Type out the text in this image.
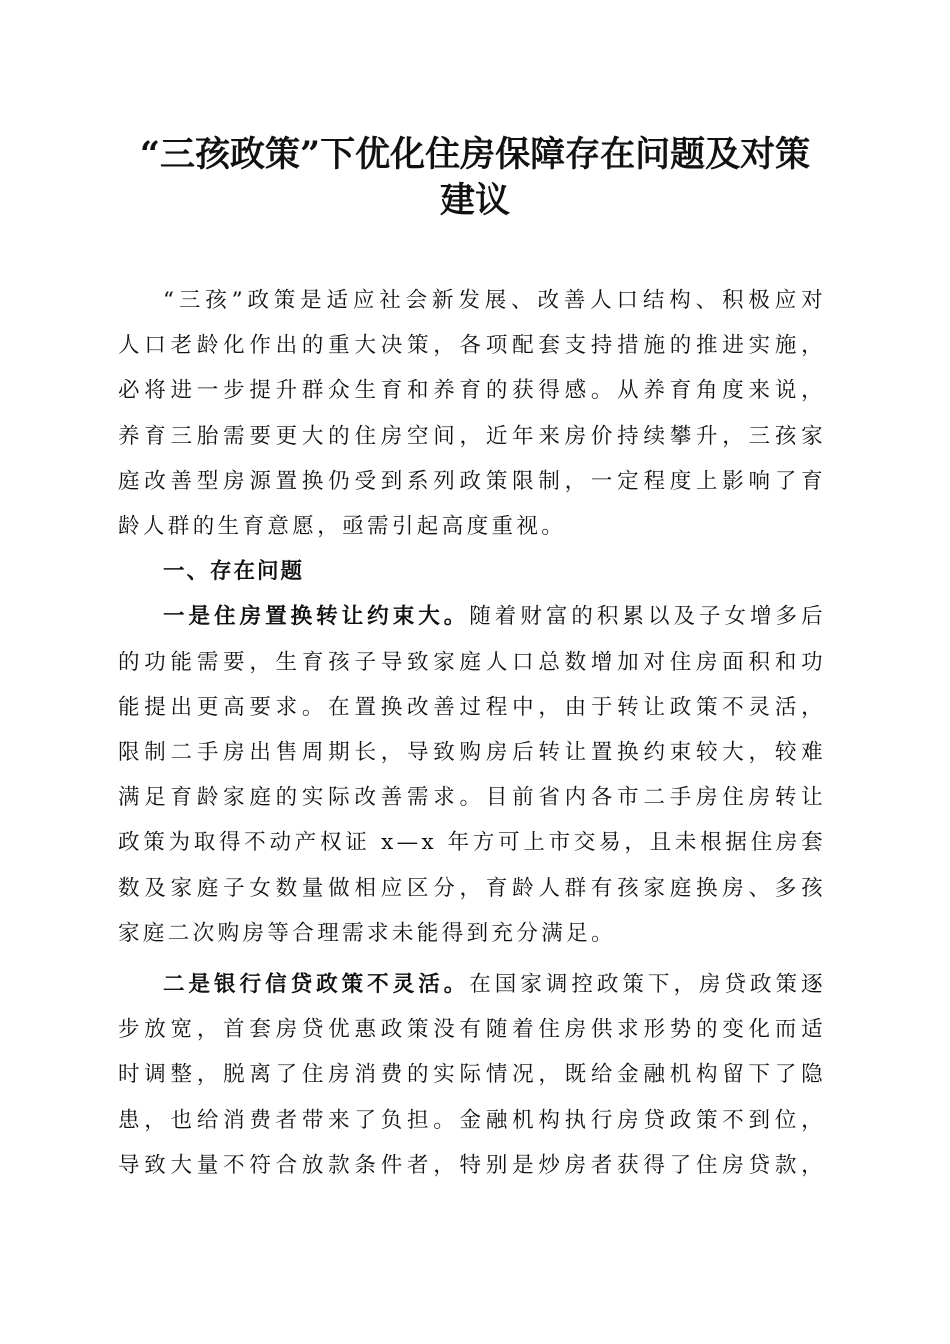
“三孩政策”下优化住房保障存在问题及对策
建议

“三孩”政策是适应社会新发展、改善人口结构、积极应对
人口老龄化作出的重大决策，各项配套支持措施的推进实施，
必将进一步提升群众生育和养育的获得感。从养育角度来说，
养育三胎需要更大的住房空间，近年来房价持续攀升，三孩家
庭改善型房源置换仍受到系列政策限制，一定程度上影响了育
龄人群的生育意愿，亟需引起高度重视。

一、存在问题

一是住房置换转让约束大。随着财富的积累以及子女增多后
的功能需要，生育孩子导致家庭人口总数增加对住房面积和功
能提出更高要求。在置换改善过程中，由于转让政策不灵活，
限制二手房出售周期长，导致购房后转让置换约束较大，较难
满足育龄家庭的实际改善需求。目前省内各市二手房住房转让
政策为取得不动产权证 x—x 年方可上市交易，且未根据住房套
数及家庭子女数量做相应区分，育龄人群有孩家庭换房、多孩
家庭二次购房等合理需求未能得到充分满足。

二是银行信贷政策不灵活。在国家调控政策下，房贷政策逐
步放宽，首套房贷优惠政策没有随着住房供求形势的变化而适
时调整，脱离了住房消费的实际情况，既给金融机构留下了隐
患，也给消费者带来了负担。金融机构执行房贷政策不到位，
导致大量不符合放款条件者，特别是炒房者获得了住房贷款，
